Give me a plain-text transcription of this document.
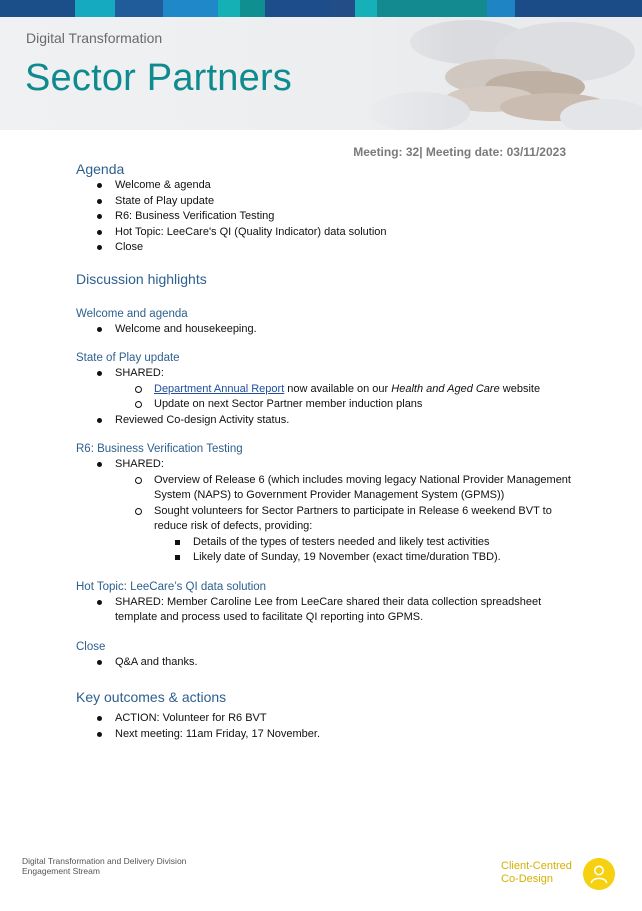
Digital Transformation
Sector Partners
Meeting: 32| Meeting date: 03/11/2023
Agenda
Welcome & agenda
State of Play update
R6: Business Verification Testing
Hot Topic: LeeCare's QI (Quality Indicator) data solution
Close
Discussion highlights
Welcome and agenda
Welcome and housekeeping.
State of Play update
SHARED:
Department Annual Report now available on our Health and Aged Care website
Update on next Sector Partner member induction plans
Reviewed Co-design Activity status.
R6: Business Verification Testing
SHARED:
Overview of Release 6 (which includes moving legacy National Provider Management System (NAPS) to Government Provider Management System (GPMS))
Sought volunteers for Sector Partners to participate in Release 6 weekend BVT to reduce risk of defects, providing:
Details of the types of testers needed and likely test activities
Likely date of Sunday, 19 November (exact time/duration TBD).
Hot Topic: LeeCare’s QI data solution
SHARED: Member Caroline Lee from LeeCare shared their data collection spreadsheet template and process used to facilitate QI reporting into GPMS.
Close
Q&A and thanks.
Key outcomes & actions
ACTION: Volunteer for R6 BVT
Next meeting: 11am Friday, 17 November.
Digital Transformation and Delivery Division
Engagement Stream	Client-Centred
Co-Design
